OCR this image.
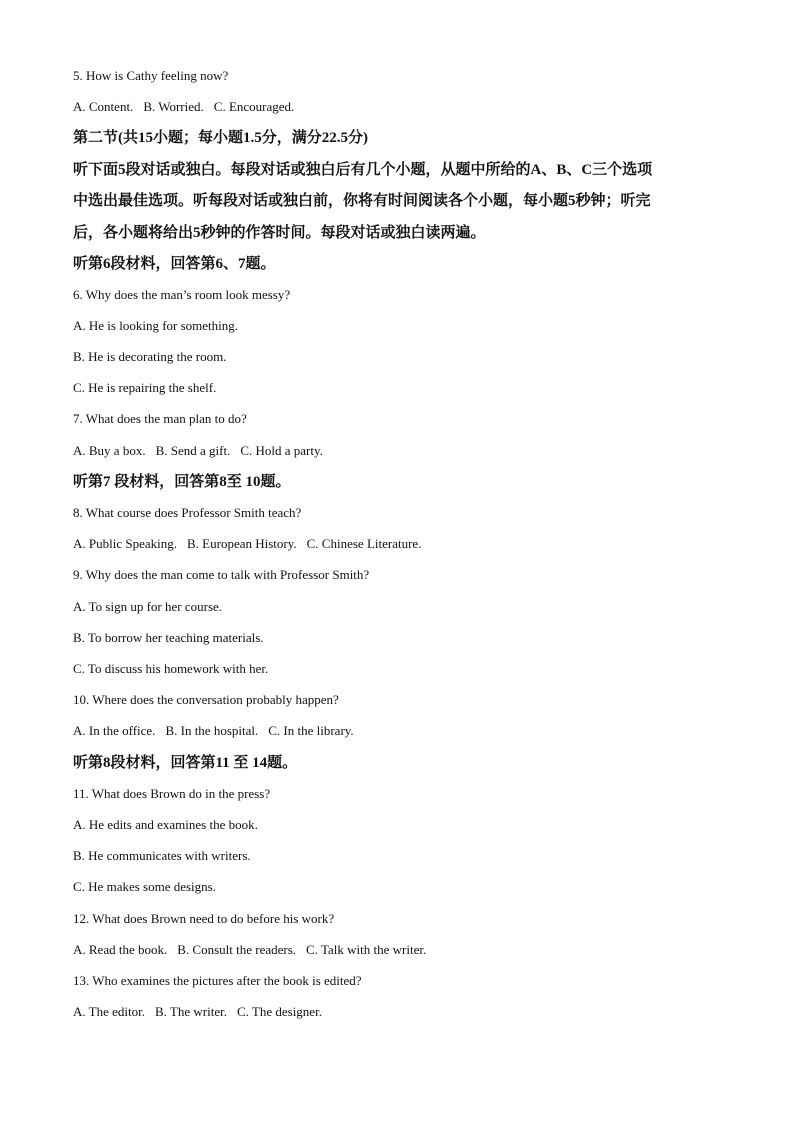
5. How is Cathy feeling now?
A. Content. B. Worried. C. Encouraged.
第二节(共15小题；每小题1.5分，满分22.5分)
听下面5段对话或独白。每段对话或独白后有几个小题，从题中所给的A、B、C三个选项
中选出最佳选项。听每段对话或独白前，你将有时间阅读各个小题，每小题5秒钟；听完
后，各小题将给出5秒钟的作答时间。每段对话或独白读两遍。
听第6段材料，回答第6、7题。
6. Why does the man’s room look messy?
A. He is looking for something.
B. He is decorating the room.
C. He is repairing the shelf.
7. What does the man plan to do?
A. Buy a box. B. Send a gift. C. Hold a party.
听第7 段材料，回答第8至 10题。
8. What course does Professor Smith teach?
A. Public Speaking. B. European History. C. Chinese Literature.
9. Why does the man come to talk with Professor Smith?
A. To sign up for her course.
B. To borrow her teaching materials.
C. To discuss his homework with her.
10. Where does the conversation probably happen?
A. In the office. B. In the hospital. C. In the library.
听第8段材料，回答第11 至 14题。
11. What does Brown do in the press?
A. He edits and examines the book.
B. He communicates with writers.
C. He makes some designs.
12. What does Brown need to do before his work?
A. Read the book. B. Consult the readers. C. Talk with the writer.
13. Who examines the pictures after the book is edited?
A. The editor. B. The writer. C. The designer.
